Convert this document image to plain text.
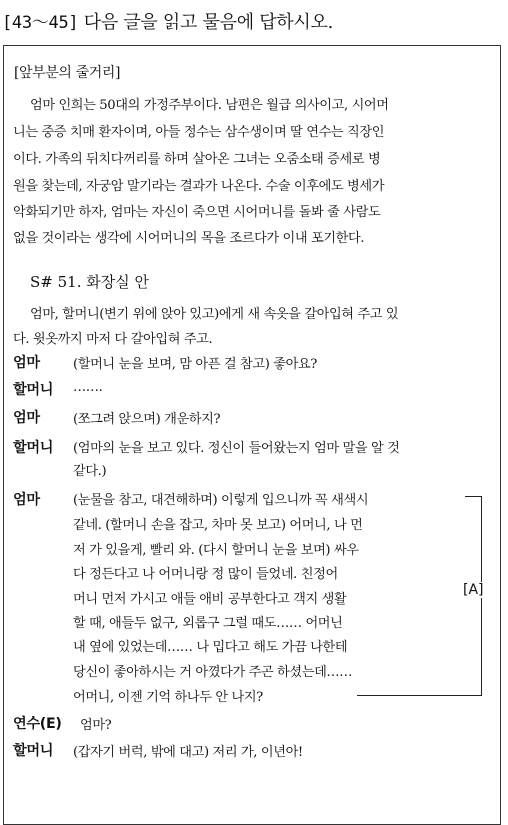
[43～45] 다음 글을 읽고 물음에 답하시오.
[앞부분의 줄거리]
엄마 인희는 50대의 가정주부이다. 남편은 월급 의사이고, 시어머
니는 중증 치매 환자이며, 아들 정수는 삼수생이며 딸 연수는 직장인
이다. 가족의 뒤치다꺼리를 하며 살아온 그녀는 오줌소태 증세로 병
원을 찾는데, 자궁암 말기라는 결과가 나온다. 수술 이후에도 병세가
악화되기만 하자, 엄마는 자신이 죽으면 시어머니를 돌봐 줄 사람도
없을 것이라는 생각에 시어머니의 목을 조르다가 이내 포기한다.
S# 51. 화장실 안
엄마, 할머니(변기 위에 앉아 있고)에게 새 속옷을 갈아입혀 주고 있
다. 윗옷까지 마저 다 갈아입혀 주고.
엄마	(할머니 눈을 보며, 맘 아픈 걸 참고) 좋아요?
할머니 …….
엄마	(쪼그려 앉으며) 개운하지?
할머니 (엄마의 눈을 보고 있다. 정신이 들어왔는지 엄마 말을 알 것
같다.)
엄마	(눈물을 참고, 대견해하며) 이렇게 입으니까 꼭 새색시
같네. (할머니 손을 잡고, 차마 못 보고) 어머니, 나 먼
저 가 있을게, 빨리 와. (다시 할머니 눈을 보며) 싸우
다 정든다고 나 어머니랑 정 많이 들었네. 친정어
머니 먼저 가시고 애들 애비 공부한다고 객지 생활
할 때, 애들두 없구, 외롭구 그럴 때도…… 어머닌
내 옆에 있었는데…… 나 밉다고 해도 가끔 나한테
당신이 좋아하시는 거 아꼈다가 주곤 하셨는데……
어머니, 이젠 기억 하나두 안 나지?
[A]
연수(E) 엄마?
할머니 (갑자기 버럭, 밖에 대고) 저리 가, 이년아!
